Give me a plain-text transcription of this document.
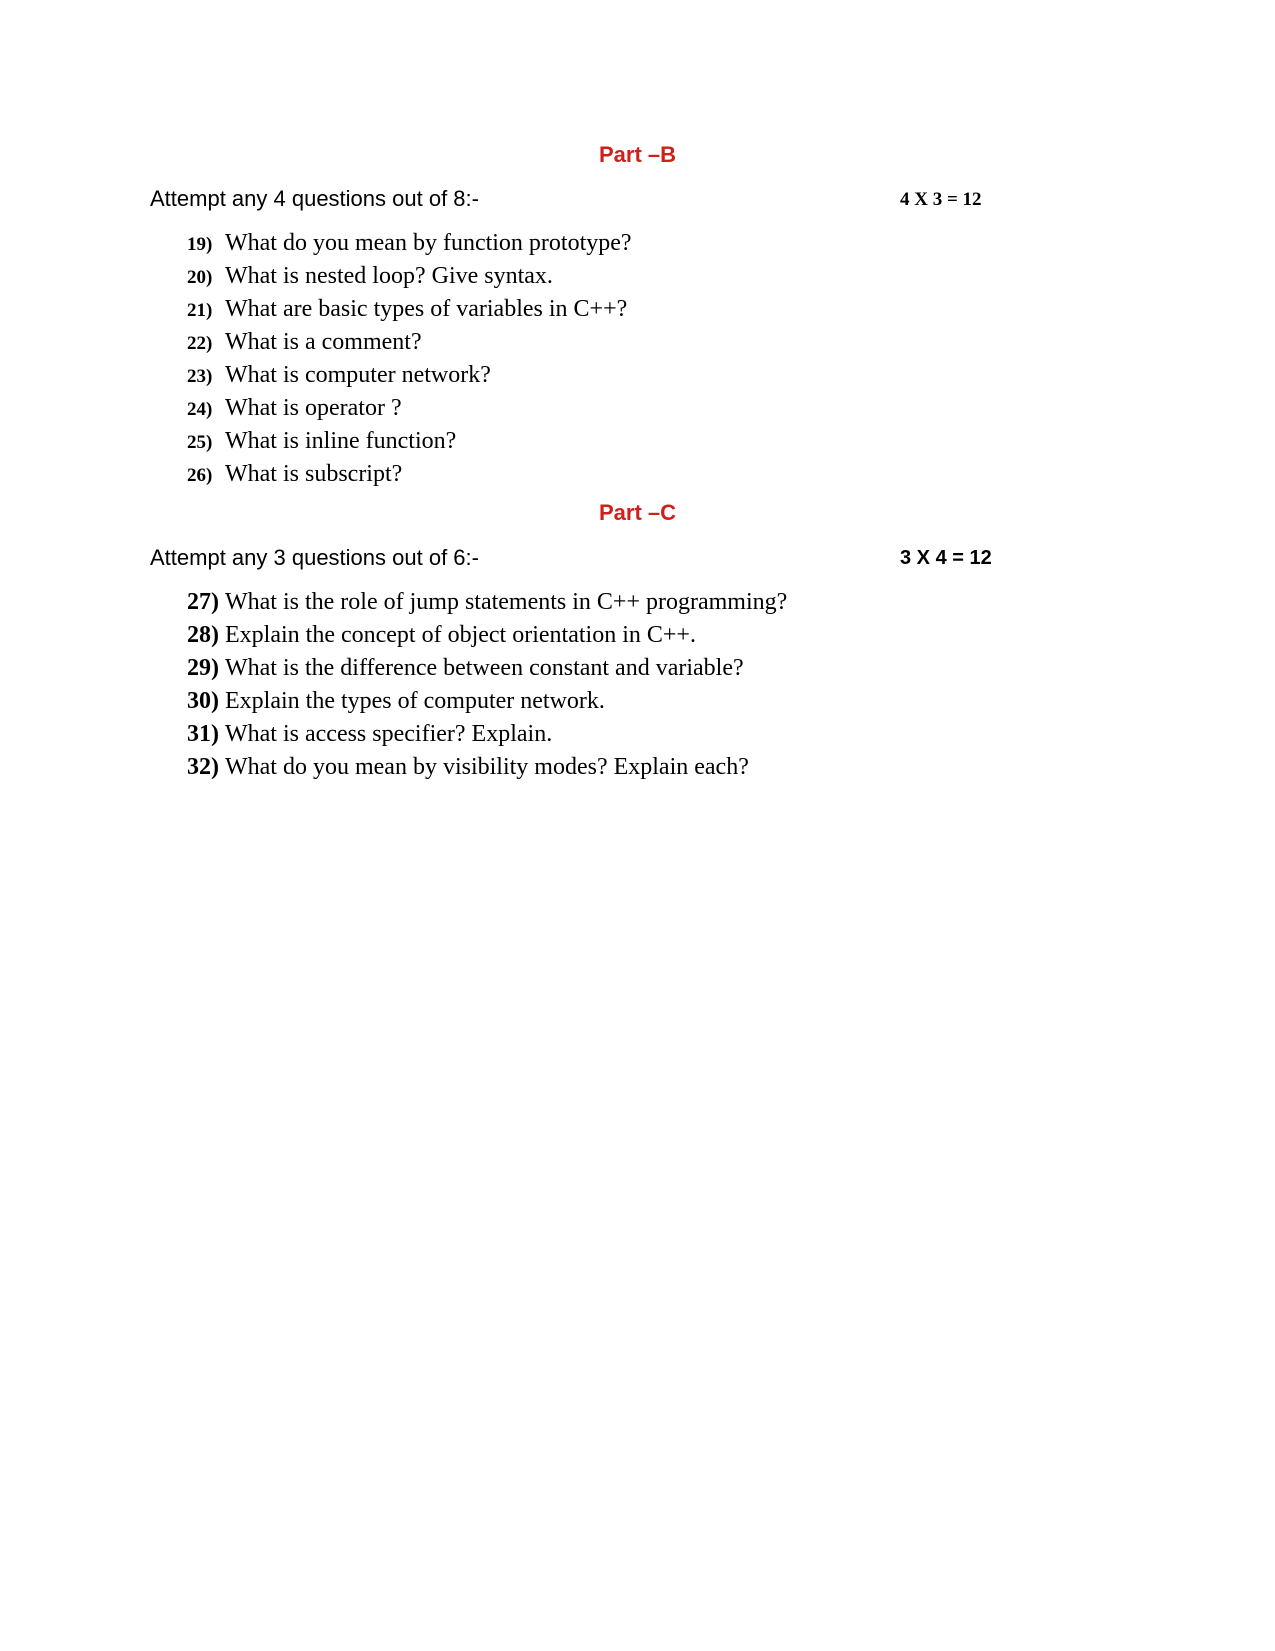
Part –B
Attempt any 4 questions out of 8:-	4 X 3 = 12
19) What do you mean by function prototype?
20) What is nested loop? Give syntax.
21) What are basic types of variables in C++?
22) What is a comment?
23) What is computer network?
24) What is operator ?
25) What is inline function?
26) What is subscript?
Part –C
Attempt any 3 questions out of 6:-	3 X 4 = 12
27) What is the role of jump statements in C++ programming?
28) Explain the concept of object orientation in C++.
29) What is the difference between constant and variable?
30) Explain the types of computer network.
31) What is access specifier? Explain.
32) What do you mean by visibility modes? Explain each?
